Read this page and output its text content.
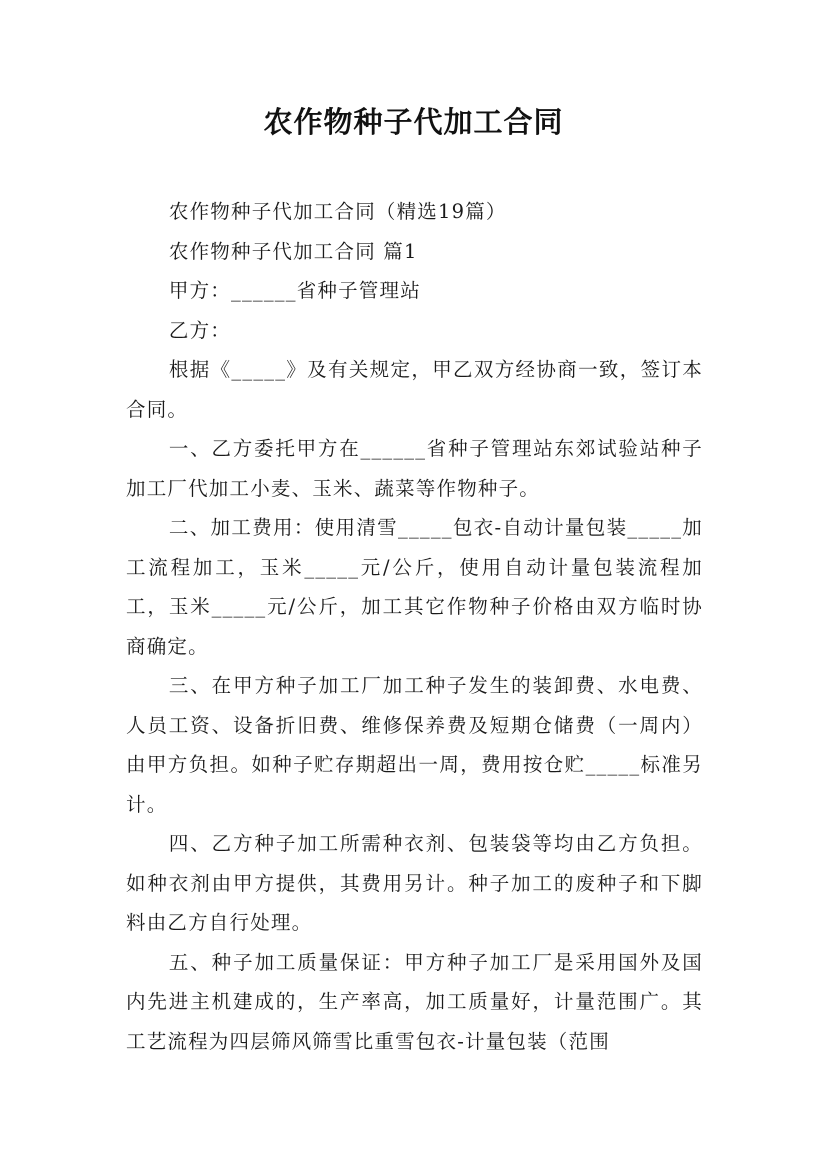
农作物种子代加工合同

农作物种子代加工合同（精选19篇）

农作物种子代加工合同 篇1

甲方：______省种子管理站

乙方：

根据《_____》及有关规定，甲乙双方经协商一致，签订本合同。

一、乙方委托甲方在______省种子管理站东郊试验站种子加工厂代加工小麦、玉米、蔬菜等作物种子。

二、加工费用：使用清雪_____包衣-自动计量包装_____加工流程加工，玉米_____元/公斤，使用自动计量包装流程加工，玉米_____元/公斤，加工其它作物种子价格由双方临时协商确定。

三、在甲方种子加工厂加工种子发生的装卸费、水电费、人员工资、设备折旧费、维修保养费及短期仓储费（一周内）由甲方负担。如种子贮存期超出一周，费用按仓贮_____标准另计。

四、乙方种子加工所需种衣剂、包装袋等均由乙方负担。如种衣剂由甲方提供，其费用另计。种子加工的废种子和下脚料由乙方自行处理。

五、种子加工质量保证：甲方种子加工厂是采用国外及国内先进主机建成的，生产率高，加工质量好，计量范围广。其工艺流程为四层筛风筛雪比重雪包衣-计量包装（范围
